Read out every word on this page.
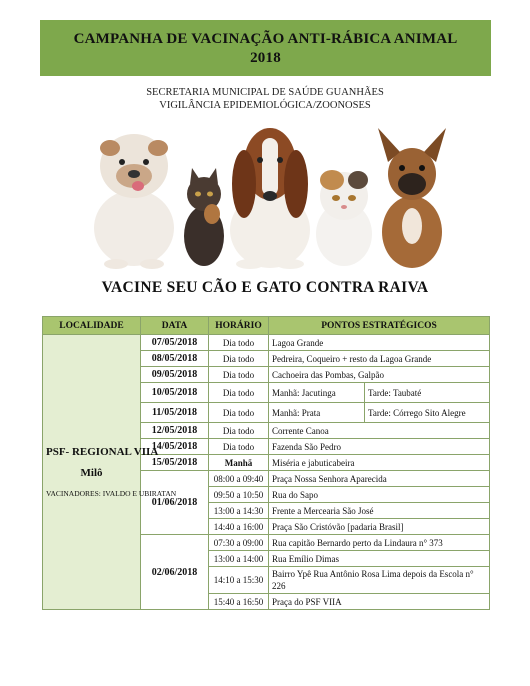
CAMPANHA DE VACINAÇÃO ANTI-RÁBICA ANIMAL
2018
SECRETARIA MUNICIPAL DE SAÚDE GUANHÃES
VIGILÂNCIA EPIDEMIOLÓGICA/ZOONOSES
VACINE SEU CÃO E GATO CONTRA RAIVA
LOCALIDADE	DATA	HORÁRIO	PONTOS ESTRATÉGICOS	

PSF- REGIONAL VIIA
Milô
VACINADORES: IVALDO E UBIRATAN	07/05/2018	Dia todo	Lagoa Grande	
	08/05/2018	Dia todo	Pedreira, Coqueiro + resto da Lagoa Grande	
	09/05/2018	Dia todo	Cachoeira das Pombas, Galpão	
	10/05/2018	Dia todo	Manhã: Jacutinga	Tarde: Taubaté
	11/05/2018	Dia todo	Manhã: Prata	Tarde: Córrego Sito Alegre
	12/05/2018	Dia todo	Corrente Canoa	
	14/05/2018	Dia todo	Fazenda São Pedro	
	15/05/2018	Manhã	Miséria e jabuticabeira	
	01/06/2018	08:00 a 09:40	Praça Nossa Senhora Aparecida	
		09:50 a 10:50	Rua do Sapo	
		13:00 a 14:30	Frente a Mercearia São José	
		14:40 a 16:00	Praça São Cristóvão [padaria Brasil]	
	02/06/2018	07:30 a 09:00	Rua capitão Bernardo perto da Lindaura n° 373	
		13:00 a 14:00	Rua Emílio Dimas	
		14:10 a 15:30	Bairro Ypê Rua Antônio Rosa Lima depois da Escola n° 226	
		15:40 a 16:50	Praça do PSF VIIA	
